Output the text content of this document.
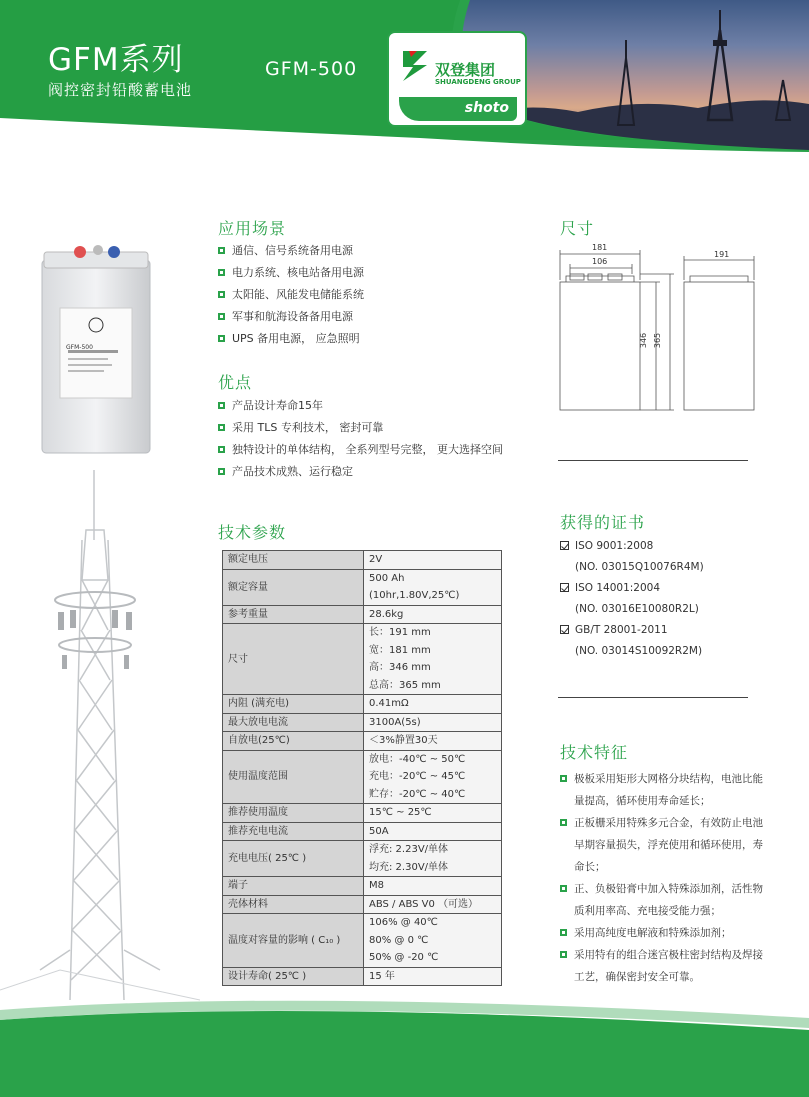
GFM系列
阀控密封铅酸蓄电池
GFM-500	双登集团
SHUANGDENG GROUP
shoto
GFM-500
应用场景
通信、信号系统备用电源
电力系统、核电站备用电源
太阳能、风能发电储能系统
军事和航海设备备用电源
UPS 备用电源， 应急照明
优点
产品设计寿命15年
采用 TLS 专利技术， 密封可靠
独特设计的单体结构， 全系列型号完整， 更大选择空间
产品技术成熟、运行稳定
尺寸
181
106
346 365
191
技术参数
额定电压	2V

额定容量	500 Ah (10hr,1.80V,25℃)

参考重量	28.6kg

尺寸	长：191 mm
宽：181 mm
高：346 mm
总高：365 mm

内阻 (满充电)	0.41mΩ

最大放电电流	3100A(5s)

自放电(25℃)	＜3%静置30天

使用温度范围	放电：-40℃ ~ 50℃
充电：-20℃ ~ 45℃
贮存：-20℃ ~ 40℃

推荐使用温度	15℃ ~ 25℃

推荐充电电流	50A

充电电压( 25℃ )	浮充: 2.23V/单体
均充: 2.30V/单体

端子	M8

壳体材料	ABS / ABS V0 （可选）

温度对容量的影响 ( C₁₀ )	106% @ 40℃
80% @ 0 ℃
50% @ -20 ℃

设计寿命( 25℃ )	15 年
获得的证书
ISO 9001:2008
(NO. 03015Q10076R4M)
ISO 14001:2004
(NO. 03016E10080R2L)
GB/T 28001-2011
(NO. 03014S10092R2M)
技术特征
极板采用矩形大网格分块结构，电池比能量提高，循环使用寿命延长；
正板栅采用特殊多元合金，有效防止电池早期容量损失，浮充使用和循环使用，寿命长；
正、负极铅膏中加入特殊添加剂，活性物质利用率高、充电接受能力强；
采用高纯度电解液和特殊添加剂；
采用特有的组合迷宫极柱密封结构及焊接工艺，确保密封安全可靠。
